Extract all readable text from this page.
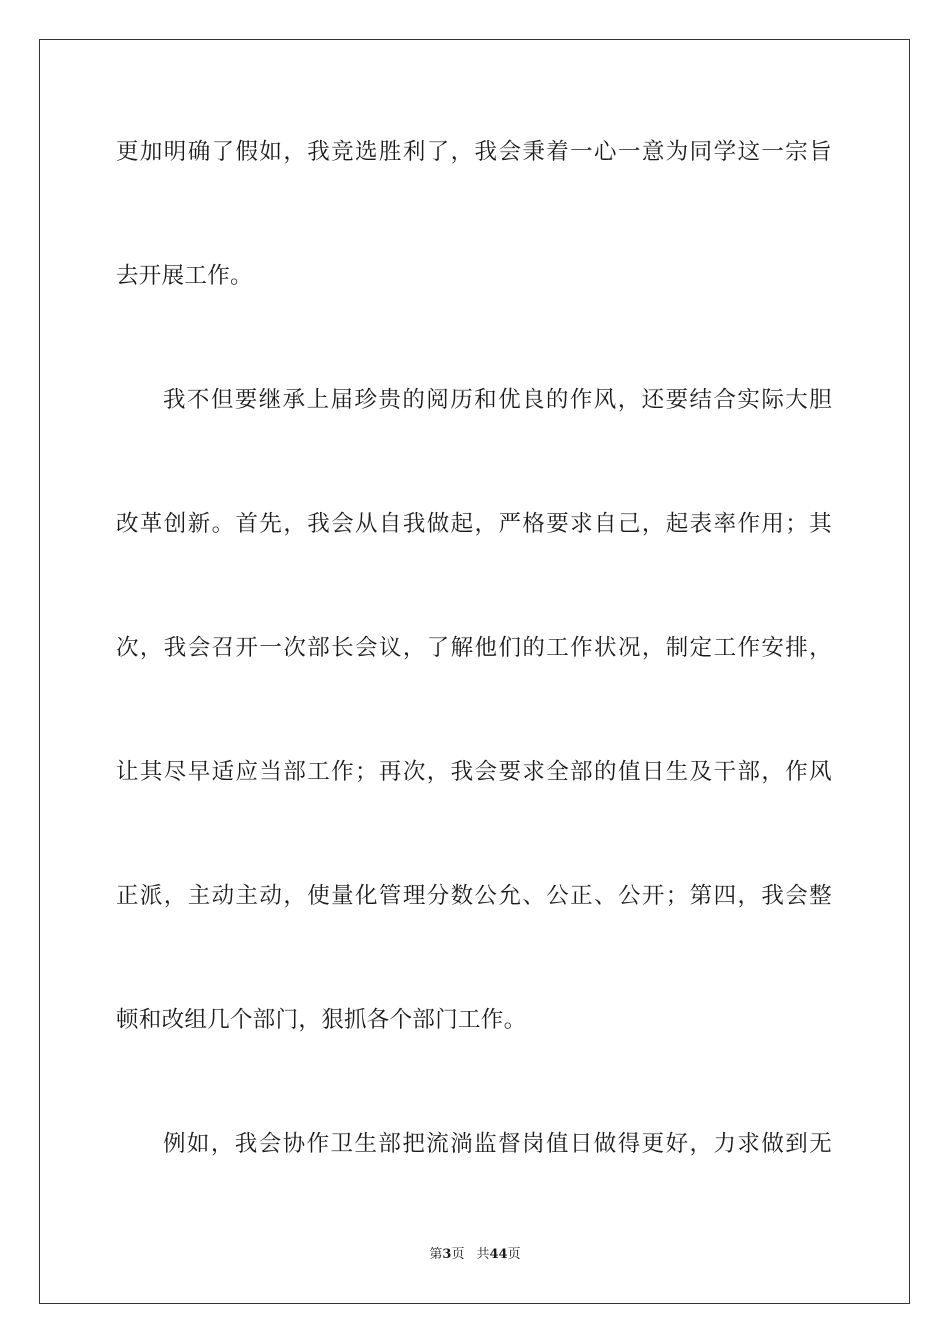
更加明确了假如，我竞选胜利了，我会秉着一心一意为同学这一宗旨
去开展工作。
我不但要继承上届珍贵的阅历和优良的作风，还要结合实际大胆
改革创新。首先，我会从自我做起，严格要求自己，起表率作用；其
次，我会召开一次部长会议，了解他们的工作状况，制定工作安排，
让其尽早适应当部工作；再次，我会要求全部的值日生及干部，作风
正派，主动主动，使量化管理分数公允、公正、公开；第四，我会整
顿和改组几个部门，狠抓各个部门工作。
例如，我会协作卫生部把流淌监督岗值日做得更好，力求做到无
第3页 共44页
